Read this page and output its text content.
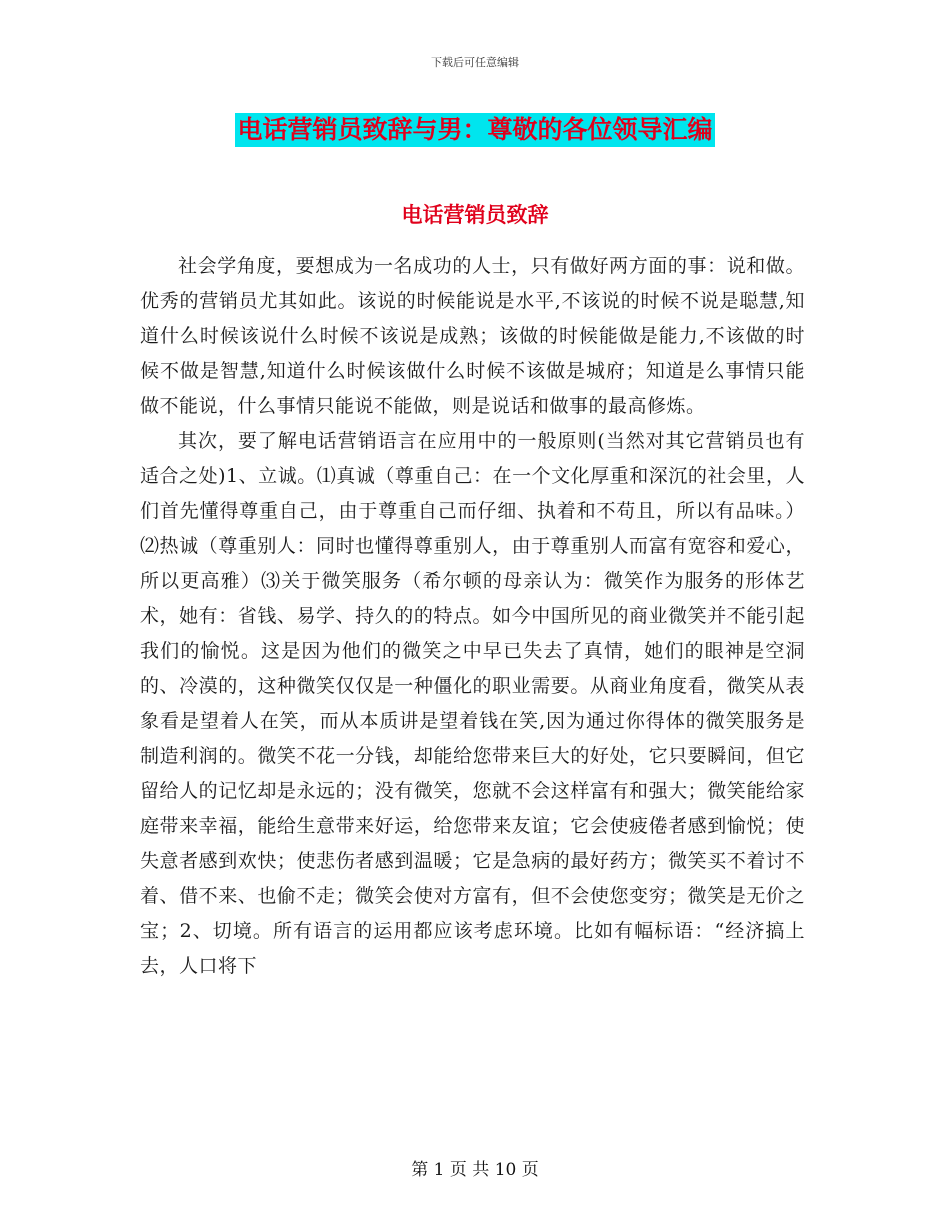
下载后可任意编辑
电话营销员致辞与男：尊敬的各位领导汇编
电话营销员致辞

社会学角度，要想成为一名成功的人士，只有做好两方面的事：说和做。优秀的营销员尤其如此。该说的时候能说是水平,不该说的时候不说是聪慧,知道什么时候该说什么时候不该说是成熟；该做的时候能做是能力,不该做的时候不做是智慧,知道什么时候该做什么时候不该做是城府；知道是么事情只能做不能说，什么事情只能说不能做，则是说话和做事的最高修炼。

其次，要了解电话营销语言在应用中的一般原则(当然对其它营销员也有适合之处)1、立诚。⑴真诚（尊重自己：在一个文化厚重和深沉的社会里，人们首先懂得尊重自己，由于尊重自己而仔细、执着和不苟且，所以有品味。）⑵热诚（尊重别人：同时也懂得尊重别人，由于尊重别人而富有宽容和爱心，所以更高雅）⑶关于微笑服务（希尔顿的母亲认为：微笑作为服务的形体艺术，她有：省钱、易学、持久的的特点。如今中国所见的商业微笑并不能引起我们的愉悦。这是因为他们的微笑之中早已失去了真情，她们的眼神是空洞的、冷漠的，这种微笑仅仅是一种僵化的职业需要。从商业角度看，微笑从表象看是望着人在笑，而从本质讲是望着钱在笑,因为通过你得体的微笑服务是制造利润的。微笑不花一分钱，却能给您带来巨大的好处，它只要瞬间，但它留给人的记忆却是永远的；没有微笑，您就不会这样富有和强大；微笑能给家庭带来幸福，能给生意带来好运，给您带来友谊；它会使疲倦者感到愉悦；使失意者感到欢快；使悲伤者感到温暖；它是急病的最好药方；微笑买不着讨不着、借不来、也偷不走；微笑会使对方富有，但不会使您变穷；微笑是无价之宝；2、切境。所有语言的运用都应该考虑环境。比如有幅标语：“经济搞上去，人口将下

第 1 页 共 10 页
